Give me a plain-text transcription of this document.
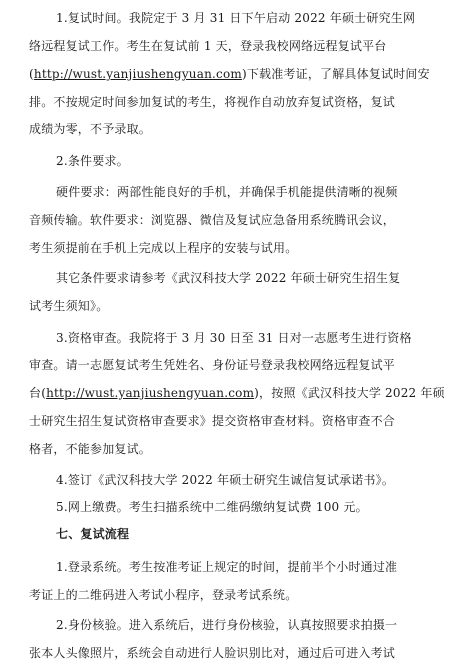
1.复试时间。我院定于 3 月 31 日下午启动 2022 年硕士研究生网
络远程复试工作。考生在复试前 1 天，登录我校网络远程复试平台
(http://wust.yanjiushengyuan.com)下载准考证，了解具体复试时间安
排。不按规定时间参加复试的考生，将视作自动放弃复试资格，复试
成绩为零，不予录取。
2.条件要求。
硬件要求：两部性能良好的手机，并确保手机能提供清晰的视频
音频传输。软件要求：浏览器、微信及复试应急备用系统腾讯会议，
考生须提前在手机上完成以上程序的安装与试用。
其它条件要求请参考《武汉科技大学 2022 年硕士研究生招生复
试考生须知》。
3.资格审查。我院将于 3 月 30 日至 31 日对一志愿考生进行资格
审查。请一志愿复试考生凭姓名、身份证号登录我校网络远程复试平
台(http://wust.yanjiushengyuan.com)，按照《武汉科技大学 2022 年硕
士研究生招生复试资格审查要求》提交资格审查材料。资格审查不合
格者，不能参加复试。
4.签订《武汉科技大学 2022 年硕士研究生诚信复试承诺书》。
5.网上缴费。考生扫描系统中二维码缴纳复试费 100 元。
七、复试流程
1.登录系统。考生按准考证上规定的时间，提前半个小时通过准
考证上的二维码进入考试小程序，登录考试系统。
2.身份核验。进入系统后，进行身份核验，认真按照要求拍摄一
张本人头像照片，系统会自动进行人脸识别比对，通过后可进入考试
